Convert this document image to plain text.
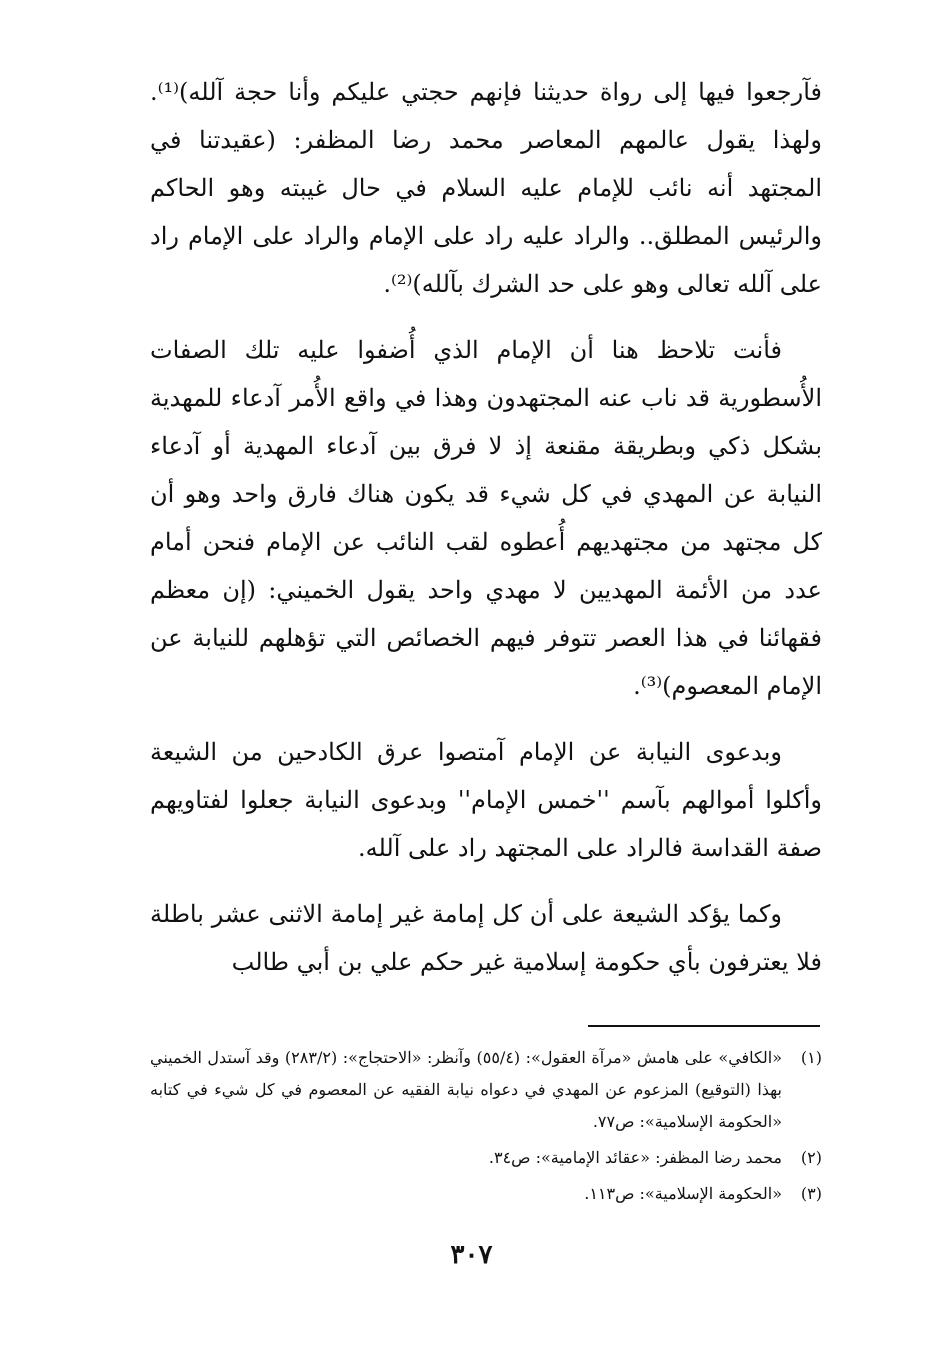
فآرجعوا فيها إلى رواة حديثنا فإنهم حجتي عليكم وأنا حجة آلله)⁽¹⁾. ولهذا يقول عالمهم المعاصر محمد رضا المظفر: (عقيدتنا في المجتهد أنه نائب للإمام عليه السلام في حال غيبته وهو الحاكم والرئيس المطلق.. والراد عليه راد على الإمام والراد على الإمام راد على آلله تعالى وهو على حد الشرك بآلله)⁽²⁾.

فأنت تلاحظ هنا أن الإمام الذي أُضفوا عليه تلك الصفات الأُسطورية قد ناب عنه المجتهدون وهذا في واقع الأُمر آدعاء للمهدية بشكل ذكي وبطريقة مقنعة إذ لا فرق بين آدعاء المهدية أو آدعاء النيابة عن المهدي في كل شيء قد يكون هناك فارق واحد وهو أن كل مجتهد من مجتهديهم أُعطوه لقب النائب عن الإمام فنحن أمام عدد من الأئمة المهديين لا مهدي واحد يقول الخميني: (إن معظم فقهائنا في هذا العصر تتوفر فيهم الخصائص التي تؤهلهم للنيابة عن الإمام المعصوم)⁽³⁾.

وبدعوى النيابة عن الإمام آمتصوا عرق الكادحين من الشيعة وأكلوا أموالهم بآسم ''خمس الإمام'' وبدعوى النيابة جعلوا لفتاويهم صفة القداسة فالراد على المجتهد راد على آلله.

وكما يؤكد الشيعة على أن كل إمامة غير إمامة الاثنى عشر باطلة فلا يعترفون بأي حكومة إسلامية غير حكم علي بن أبي طالب

(١)
«الكافي» على هامش «مرآة العقول»: (٥٥/٤) وآنظر: «الاحتجاج»: (٢٨٣/٢) وقد آستدل الخميني بهذا (التوقيع) المزعوم عن المهدي في دعواه نيابة الفقيه عن المعصوم في كل شيء في كتابه «الحكومة الإسلامية»: ص٧٧.
(٢)
محمد رضا المظفر: «عقائد الإمامية»: ص٣٤.
(٣)
«الحكومة الإسلامية»: ص١١٣.
٣٠٧
